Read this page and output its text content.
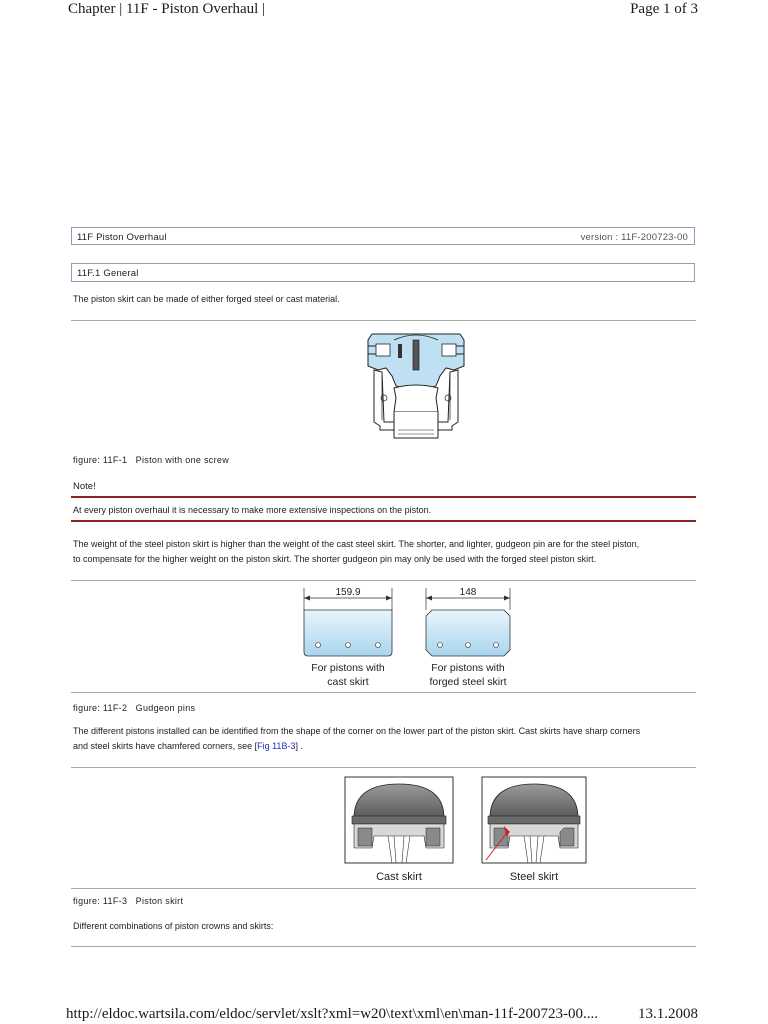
Chapter | 11F - Piston Overhaul |	Page 1 of 3
11F Piston Overhaul	version : 11F-200723-00
11F.1 General
The piston skirt can be made of either forged steel or cast material.
figure: 11F-1 Piston with one screw
Note!
At every piston overhaul it is necessary to make more extensive inspections on the piston.
The weight of the steel piston skirt is higher than the weight of the cast steel skirt. The shorter, and lighter, gudgeon pin are for the steel piston,
to compensate for the higher weight on the piston skirt. The shorter gudgeon pin may only be used with the forged steel piston skirt.
159.9
For pistons with
cast skirt
148
For pistons with
forged steel skirt
figure: 11F-2 Gudgeon pins
The different pistons installed can be identified from the shape of the corner on the lower part of the piston skirt. Cast skirts have sharp corners
and steel skirts have chamfered corners, see [Fig 11B-3] .
Cast skirt	Steel skirt
figure: 11F-3 Piston skirt
Different combinations of piston crowns and skirts:
http://eldoc.wartsila.com/eldoc/servlet/xslt?xml=w20\text\xml\en\man-11f-200723-00....	13.1.2008
